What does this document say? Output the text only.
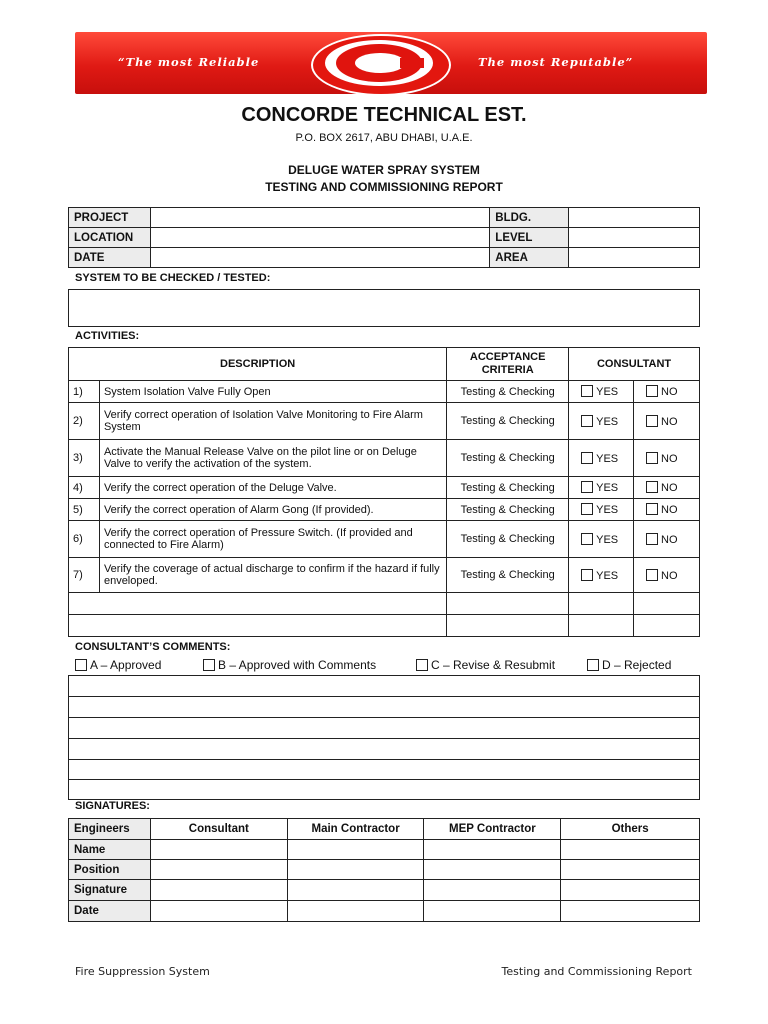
“The most Reliable	The most Reputable”
CONCORDE TECHNICAL EST.
P.O. BOX 2617, ABU DHABI, U.A.E.
DELUGE WATER SPRAY SYSTEM
TESTING AND COMMISSIONING REPORT
PROJECT		BLDG.	
LOCATION		LEVEL	
DATE		AREA	
SYSTEM TO BE CHECKED / TESTED:
ACTIVITIES:
DESCRIPTION		ACCEPTANCE CRITERIA	CONSULTANT	
1)	System Isolation Valve Fully Open	Testing & Checking	YES	NO
2)	Verify correct operation of Isolation Valve Monitoring to Fire Alarm System	Testing & Checking	YES	NO
3)	Activate the Manual Release Valve on the pilot line or on Deluge Valve to verify the activation of the system.	Testing & Checking	YES	NO
4)	Verify the correct operation of the Deluge Valve.	Testing & Checking	YES	NO
5)	Verify the correct operation of Alarm Gong (If provided).	Testing & Checking	YES	NO
6)	Verify the correct operation of Pressure Switch. (If provided and connected to Fire Alarm)	Testing & Checking	YES	NO
7)	Verify the coverage of actual discharge to confirm if the hazard if fully enveloped.	Testing & Checking	YES	NO

CONSULTANT’S COMMENTS:
A – Approved	B – Approved with Comments	C – Revise & Resubmit	D – Rejected

SIGNATURES:
Engineers	Consultant	Main Contractor	MEP Contractor	Others
Name				
Position				
Signature				
Date				
Fire Suppression System	Testing and Commissioning Report
